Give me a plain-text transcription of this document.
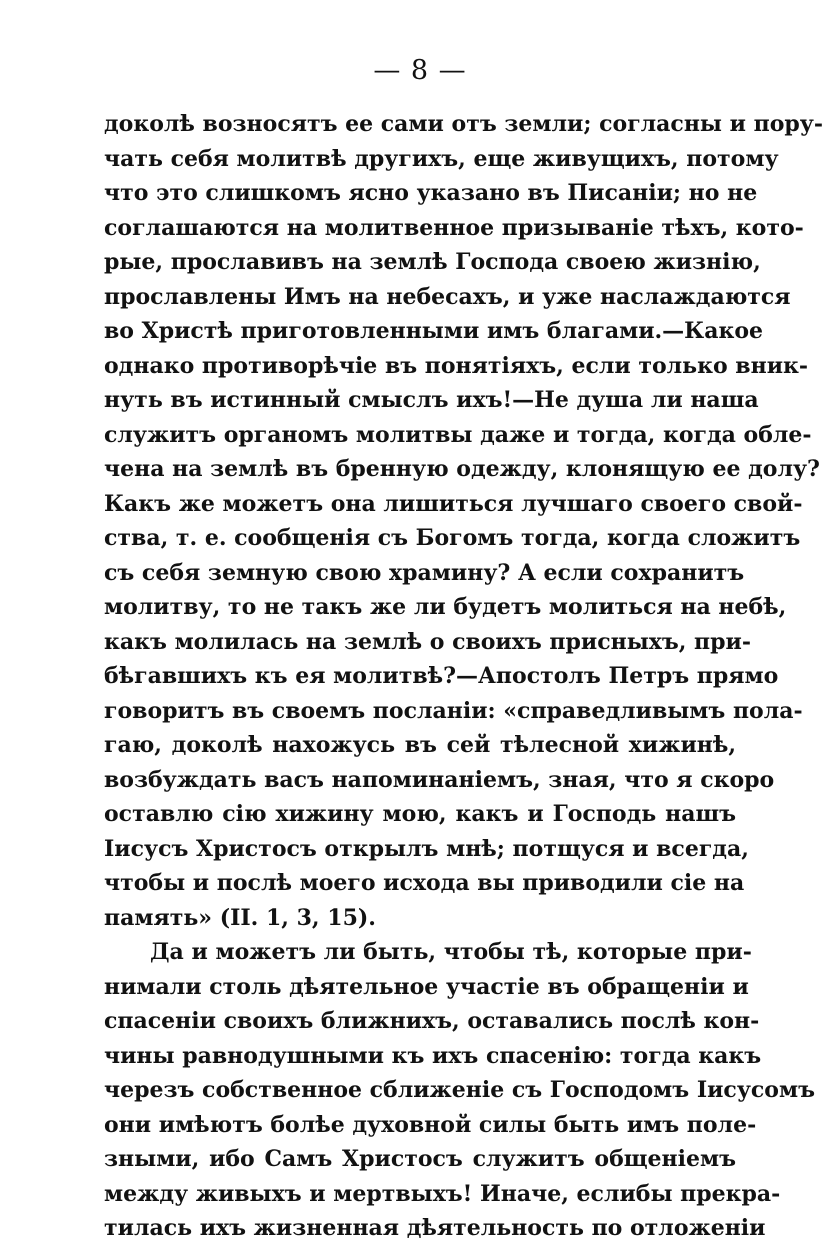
— 8 —
доколѣ возносятъ ее сами отъ земли; согласны и пору-
чать себя молитвѣ другихъ, еще живущихъ, потому
что это слишкомъ ясно указано въ Писаніи; но не
соглашаются на молитвенное призываніе тѣхъ, кото-
рые, прославивъ на землѣ Господа своею жизнію,
прославлены Имъ на небесахъ, и уже наслаждаются
во Христѣ приготовленными имъ благами.—Какое
однако противорѣчіе въ понятіяхъ, если только вник-
нуть въ истинный смыслъ ихъ!—Не душа ли наша
служитъ органомъ молитвы даже и тогда, когда обле-
чена на землѣ въ бренную одежду, клонящую ее долу?
Какъ же можетъ она лишиться лучшаго своего свой-
ства, т. е. сообщенія съ Богомъ тогда, когда сложитъ
съ себя земную свою храмину? А если сохранитъ
молитву, то не такъ же ли будетъ молиться на небѣ,
какъ молилась на землѣ о своихъ присныхъ, при-
бѣгавшихъ къ ея молитвѣ?—Апостолъ Петръ прямо
говоритъ въ своемъ посланіи: «справедливымъ пола-
гаю, доколѣ нахожусь въ сей тѣлесной хижинѣ,
возбуждать васъ напоминаніемъ, зная, что я скоро
оставлю сію хижину мою, какъ и Господь нашъ
Іисусъ Христосъ открылъ мнѣ; потщуся и всегда,
чтобы и послѣ моего исхода вы приводили сіе на
память» (II. 1, 3, 15).
Да и можетъ ли быть, чтобы тѣ, которые при-
нимали столь дѣятельное участіе въ обращеніи и
спасеніи своихъ ближнихъ, оставались послѣ кон-
чины равнодушными къ ихъ спасенію: тогда какъ
черезъ собственное сближеніе съ Господомъ Іисусомъ
они имѣютъ болѣе духовной силы быть имъ поле-
зными, ибо Самъ Христосъ служитъ общеніемъ
между живыхъ и мертвыхъ! Иначе, еслибы прекра-
тилась ихъ жизненная дѣятельность по отложеніи
